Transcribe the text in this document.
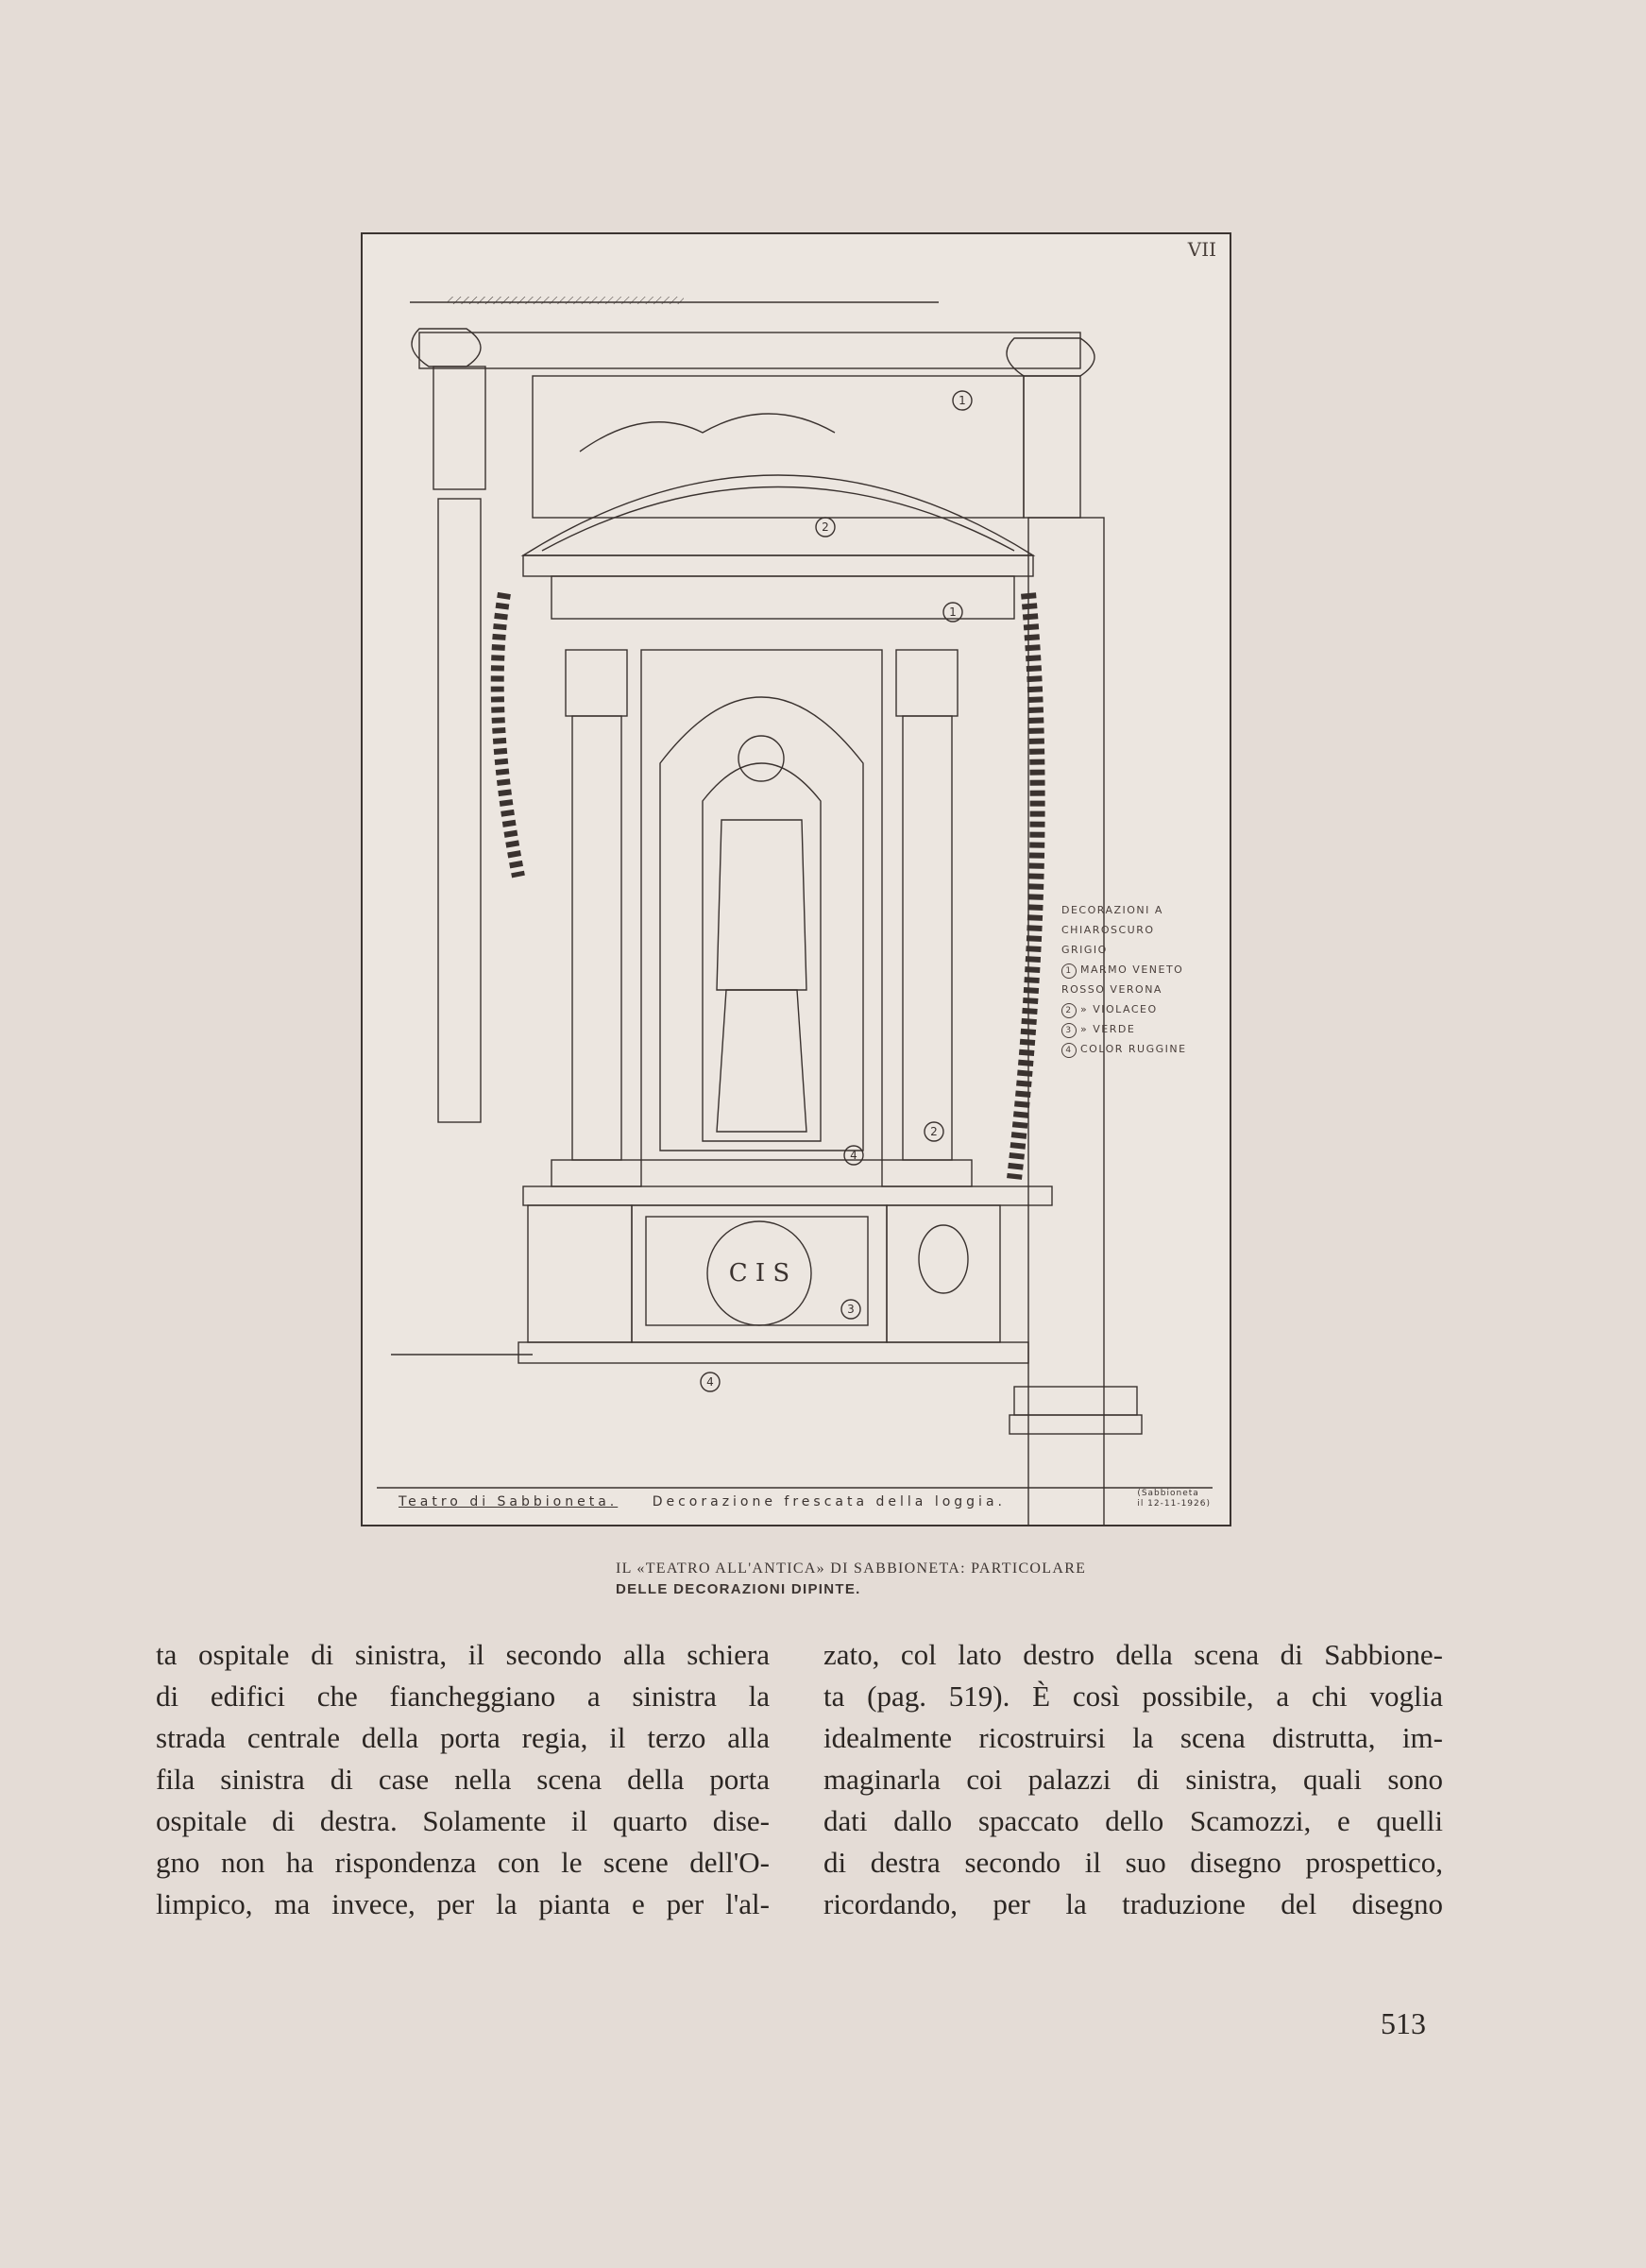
VII
1
2
1
2
4
3
4
C I S
DECORAZIONI A
CHIAROSCURO
GRIGIO
1 MARMO VENETO
ROSSO VERONA
2 » VIOLACEO
3 » VERDE
4 COLOR RUGGINE
Teatro di Sabbioneta.	Decorazione frescata della loggia.
(Sabbioneta
il 12-11-1926)
IL «TEATRO ALL'ANTICA» DI SABBIONETA: PARTICOLARE
DELLE DECORAZIONI DIPINTE.
ta ospitale di sinistra, il secondo alla schiera
di edifici che fiancheggiano a sinistra la
strada centrale della porta regia, il terzo alla
fila sinistra di case nella scena della porta
ospitale di destra. Solamente il quarto dise-
gno non ha rispondenza con le scene dell'O-
limpico, ma invece, per la pianta e per l'al-
zato, col lato destro della scena di Sabbione-
ta (pag. 519). È così possibile, a chi voglia
idealmente ricostruirsi la scena distrutta, im-
maginarla coi palazzi di sinistra, quali sono
dati dallo spaccato dello Scamozzi, e quelli
di destra secondo il suo disegno prospettico,
ricordando, per la traduzione del disegno
513
